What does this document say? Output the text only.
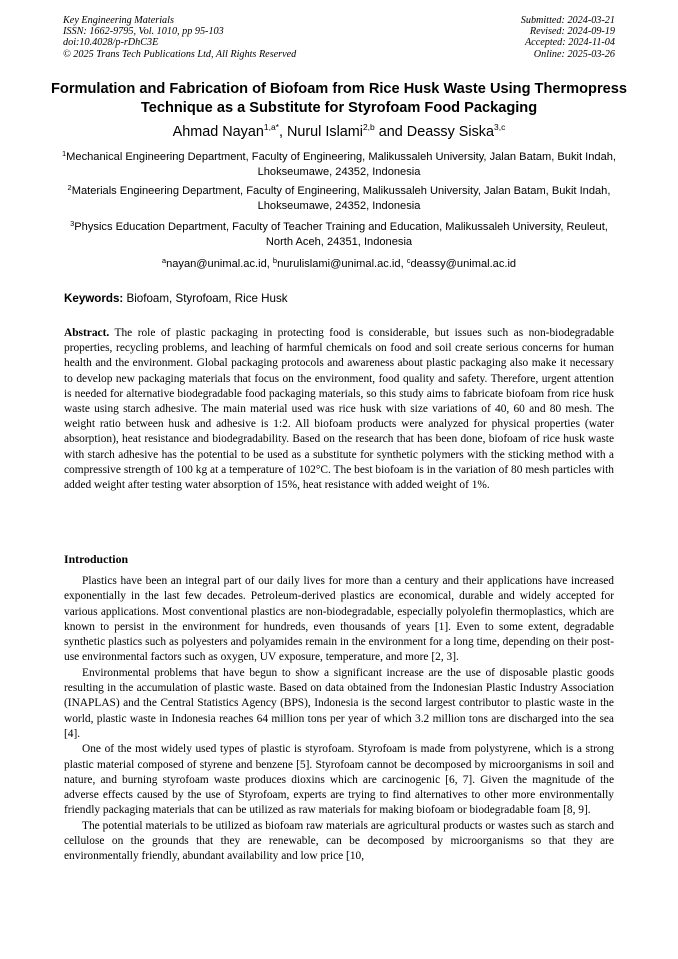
Key Engineering Materials
ISSN: 1662-9795, Vol. 1010, pp 95-103
doi:10.4028/p-rDhC3E
© 2025 Trans Tech Publications Ltd, All Rights Reserved
Submitted: 2024-03-21
Revised: 2024-09-19
Accepted: 2024-11-04
Online: 2025-03-26
Formulation and Fabrication of Biofoam from Rice Husk Waste Using Thermopress Technique as a Substitute for Styrofoam Food Packaging
Ahmad Nayan$^{1,a*}$, Nurul Islami$^{2,b}$ and Deassy Siska$^{3,c}$
$^1$Mechanical Engineering Department, Faculty of Engineering, Malikussaleh University, Jalan Batam, Bukit Indah, Lhokseumawe, 24352, Indonesia
$^2$Materials Engineering Department, Faculty of Engineering, Malikussaleh University, Jalan Batam, Bukit Indah, Lhokseumawe, 24352, Indonesia
$^3$Physics Education Department, Faculty of Teacher Training and Education, Malikussaleh University, Reuleut, North Aceh, 24351, Indonesia
$^a$nayan@unimal.ac.id, $^b$nurulislami@unimal.ac.id, $^c$deassy@unimal.ac.id
Keywords: Biofoam, Styrofoam, Rice Husk
Abstract. The role of plastic packaging in protecting food is considerable, but issues such as non-biodegradable properties, recycling problems, and leaching of harmful chemicals on food and soil create serious concerns for human health and the environment. Global packaging protocols and awareness about plastic packaging also make it necessary to develop new packaging materials that focus on the environment, food quality and safety. Therefore, urgent attention is needed for alternative biodegradable food packaging materials, so this study aims to fabricate biofoam from rice husk waste using starch adhesive. The main material used was rice husk with size variations of 40, 60 and 80 mesh. The weight ratio between husk and adhesive is 1:2. All biofoam products were analyzed for physical properties (water absorption), heat resistance and biodegradability. Based on the research that has been done, biofoam of rice husk waste with starch adhesive has the potential to be used as a substitute for synthetic polymers with the sticking method with a compressive strength of 100 kg at a temperature of 102°C. The best biofoam is in the variation of 80 mesh particles with added weight after testing water absorption of 15%, heat resistance with added weight of 1%.
Introduction

Plastics have been an integral part of our daily lives for more than a century and their applications have increased exponentially in the last few decades. Petroleum-derived plastics are economical, durable and widely accepted for various applications. Most conventional plastics are non-biodegradable, especially polyolefin thermoplastics, which are known to persist in the environment for hundreds, even thousands of years [1]. Even to some extent, degradable synthetic plastics such as polyesters and polyamides remain in the environment for a long time, depending on their post-use environmental factors such as oxygen, UV exposure, temperature, and more [2, 3].

Environmental problems that have begun to show a significant increase are the use of disposable plastic goods resulting in the accumulation of plastic waste. Based on data obtained from the Indonesian Plastic Industry Association (INAPLAS) and the Central Statistics Agency (BPS), Indonesia is the second largest contributor to plastic waste in the world, plastic waste in Indonesia reaches 64 million tons per year of which 3.2 million tons are discharged into the sea [4].

One of the most widely used types of plastic is styrofoam. Styrofoam is made from polystyrene, which is a strong plastic material composed of styrene and benzene [5]. Styrofoam cannot be decomposed by microorganisms in soil and nature, and burning styrofoam waste produces dioxins which are carcinogenic [6, 7]. Given the magnitude of the adverse effects caused by the use of Styrofoam, experts are trying to find alternatives to other more environmentally friendly packaging materials that can be utilized as raw materials for making biofoam or biodegradable foam [8, 9].

The potential materials to be utilized as biofoam raw materials are agricultural products or wastes such as starch and cellulose on the grounds that they are renewable, can be decomposed by microorganisms so that they are environmentally friendly, abundant availability and low price [10,
